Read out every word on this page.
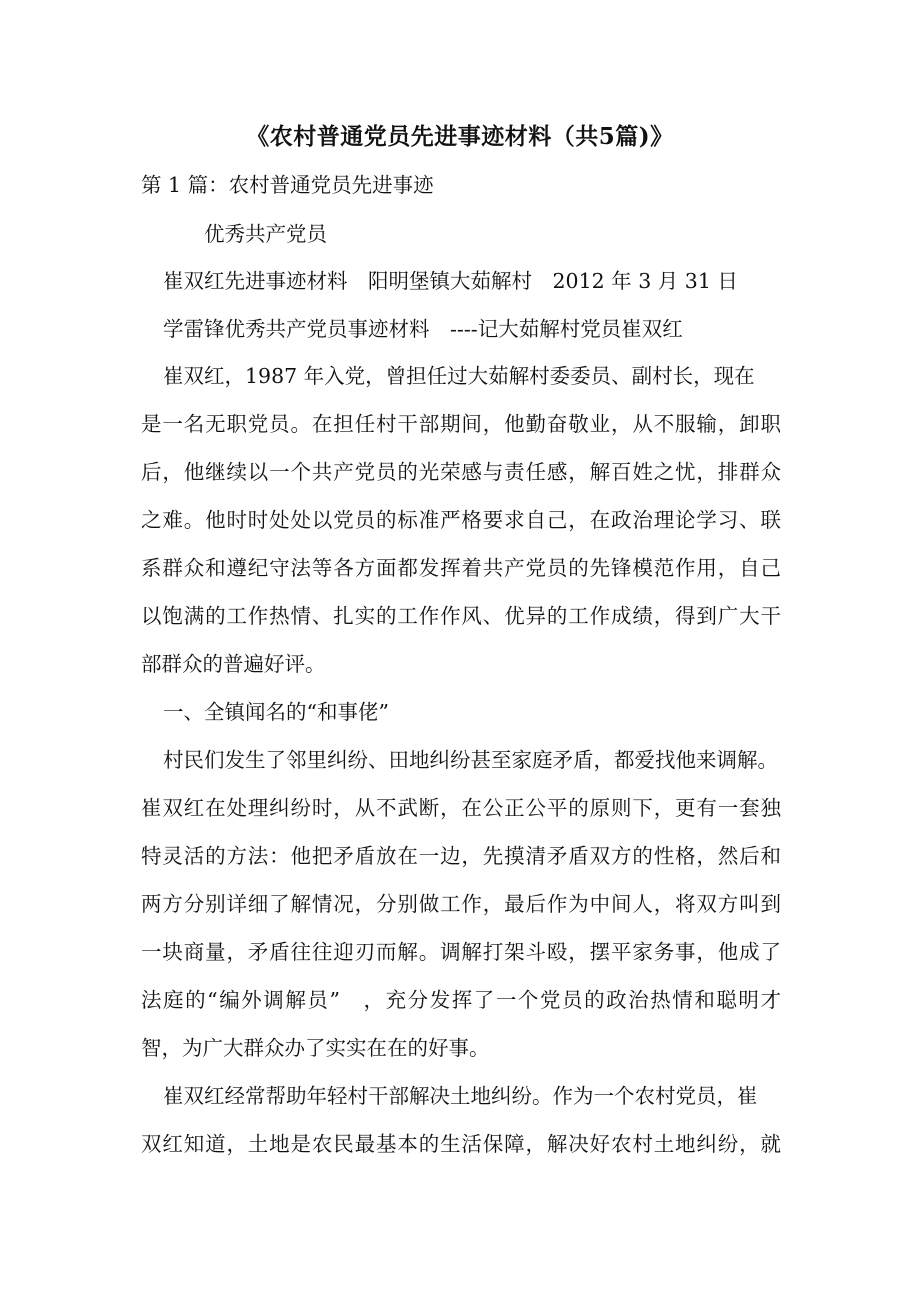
《农村普通党员先进事迹材料（共5篇)》
第 1 篇：农村普通党员先进事迹
优秀共产党员
崔双红先进事迹材料　阳明堡镇大茹解村　2012 年 3 月 31 日
学雷锋优秀共产党员事迹材料　----记大茹解村党员崔双红
崔双红，1987 年入党，曾担任过大茹解村委委员、副村长，现在
是一名无职党员。在担任村干部期间，他勤奋敬业，从不服输，卸职
后，他继续以一个共产党员的光荣感与责任感，解百姓之忧，排群众
之难。他时时处处以党员的标准严格要求自己，在政治理论学习、联
系群众和遵纪守法等各方面都发挥着共产党员的先锋模范作用，自己
以饱满的工作热情、扎实的工作作风、优异的工作成绩，得到广大干
部群众的普遍好评。
一、全镇闻名的“和事佬”
村民们发生了邻里纠纷、田地纠纷甚至家庭矛盾，都爱找他来调解。
崔双红在处理纠纷时，从不武断，在公正公平的原则下，更有一套独
特灵活的方法：他把矛盾放在一边，先摸清矛盾双方的性格，然后和
两方分别详细了解情况，分别做工作，最后作为中间人，将双方叫到
一块商量，矛盾往往迎刃而解。调解打架斗殴，摆平家务事，他成了
法庭的“编外调解员”　，充分发挥了一个党员的政治热情和聪明才
智，为广大群众办了实实在在的好事。
崔双红经常帮助年轻村干部解决土地纠纷。作为一个农村党员，崔
双红知道，土地是农民最基本的生活保障，解决好农村土地纠纷，就
